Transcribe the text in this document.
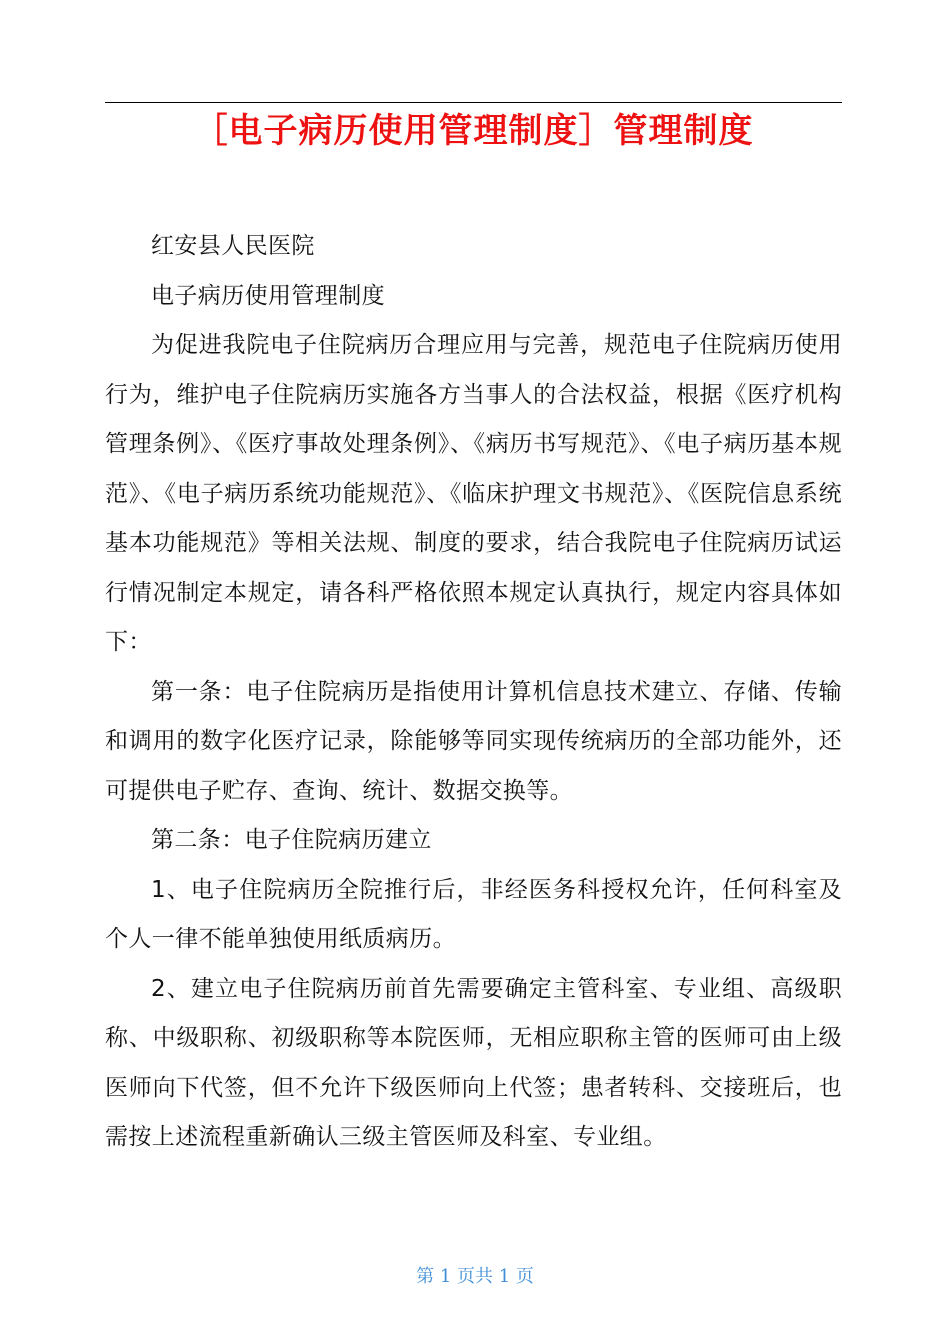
［电子病历使用管理制度］管理制度

红安县人民医院

电子病历使用管理制度

为促进我院电子住院病历合理应用与完善，规范电子住院病历使用行为，维护电子住院病历实施各方当事人的合法权益，根据《医疗机构管理条例》、《医疗事故处理条例》、《病历书写规范》、《电子病历基本规范》、《电子病历系统功能规范》、《临床护理文书规范》、《医院信息系统基本功能规范》等相关法规、制度的要求，结合我院电子住院病历试运行情况制定本规定，请各科严格依照本规定认真执行，规定内容具体如下：

第一条：电子住院病历是指使用计算机信息技术建立、存储、传输和调用的数字化医疗记录，除能够等同实现传统病历的全部功能外，还可提供电子贮存、查询、统计、数据交换等。

第二条：电子住院病历建立

1、电子住院病历全院推行后，非经医务科授权允许，任何科室及个人一律不能单独使用纸质病历。

2、建立电子住院病历前首先需要确定主管科室、专业组、高级职称、中级职称、初级职称等本院医师，无相应职称主管的医师可由上级医师向下代签，但不允许下级医师向上代签；患者转科、交接班后，也需按上述流程重新确认三级主管医师及科室、专业组。

第 1 页共 1 页
